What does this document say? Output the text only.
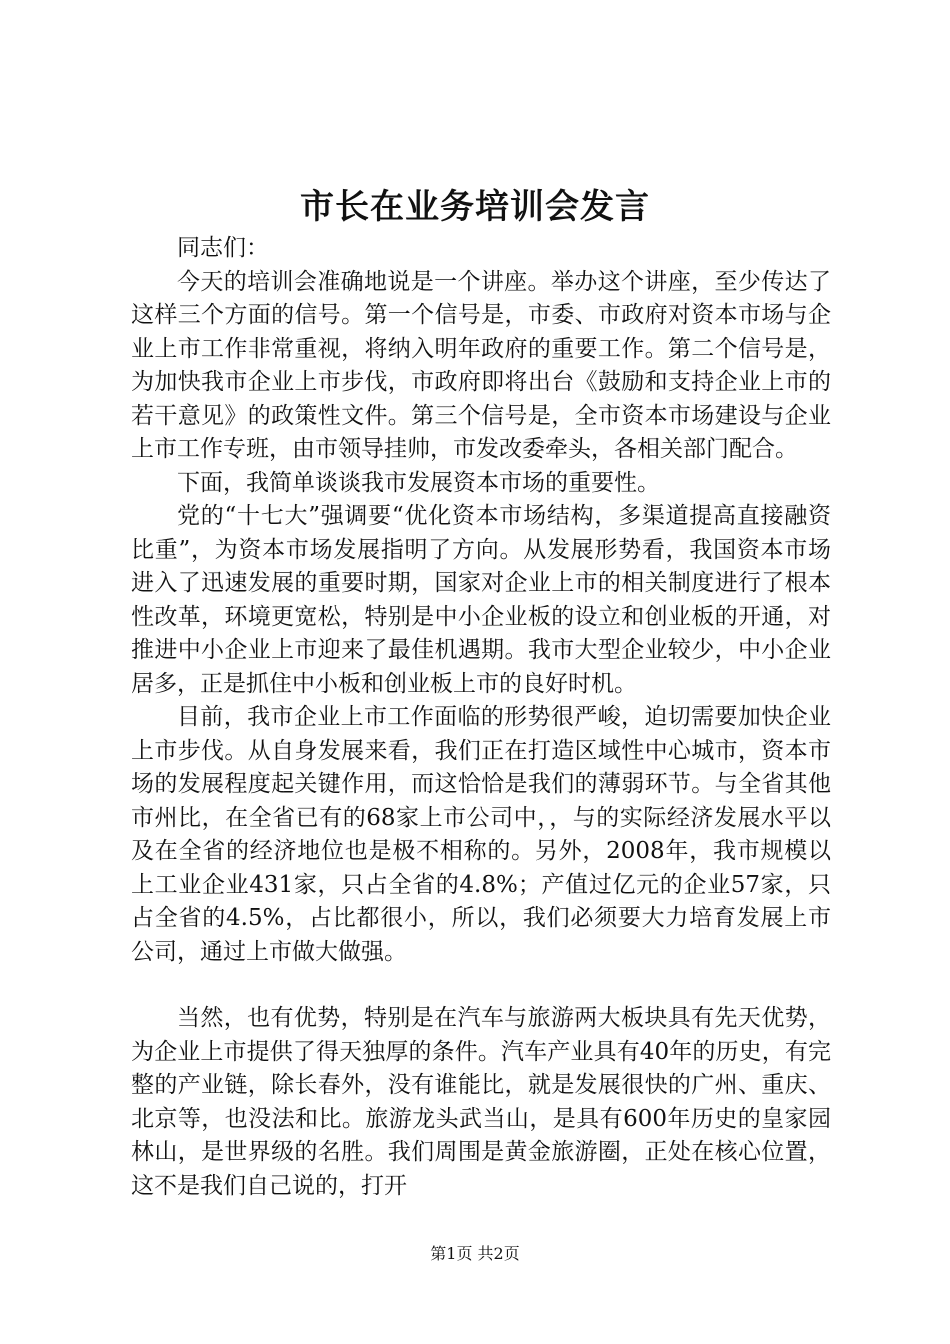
市长在业务培训会发言

同志们：

今天的培训会准确地说是一个讲座。举办这个讲座，至少传达了这样三个方面的信号。第一个信号是，市委、市政府对资本市场与企业上市工作非常重视，将纳入明年政府的重要工作。第二个信号是，为加快我市企业上市步伐，市政府即将出台《鼓励和支持企业上市的若干意见》的政策性文件。第三个信号是，全市资本市场建设与企业上市工作专班，由市领导挂帅，市发改委牵头，各相关部门配合。

下面，我简单谈谈我市发展资本市场的重要性。

党的“十七大”强调要“优化资本市场结构，多渠道提高直接融资比重”，为资本市场发展指明了方向。从发展形势看，我国资本市场进入了迅速发展的重要时期，国家对企业上市的相关制度进行了根本性改革，环境更宽松，特别是中小企业板的设立和创业板的开通，对推进中小企业上市迎来了最佳机遇期。我市大型企业较少，中小企业居多，正是抓住中小板和创业板上市的良好时机。

目前，我市企业上市工作面临的形势很严峻，迫切需要加快企业上市步伐。从自身发展来看，我们正在打造区域性中心城市，资本市场的发展程度起关键作用，而这恰恰是我们的薄弱环节。与全省其他市州比，在全省已有的68家上市公司中，，与的实际经济发展水平以及在全省的经济地位也是极不相称的。另外，2008年，我市规模以上工业企业431家，只占全省的4.8%；产值过亿元的企业57家，只占全省的4.5%，占比都很小，所以，我们必须要大力培育发展上市公司，通过上市做大做强。

当然，也有优势，特别是在汽车与旅游两大板块具有先天优势，为企业上市提供了得天独厚的条件。汽车产业具有40年的历史，有完整的产业链，除长春外，没有谁能比，就是发展很快的广州、重庆、北京等，也没法和比。旅游龙头武当山，是具有600年历史的皇家园林山，是世界级的名胜。我们周围是黄金旅游圈，正处在核心位置，这不是我们自己说的，打开

第1页 共2页
